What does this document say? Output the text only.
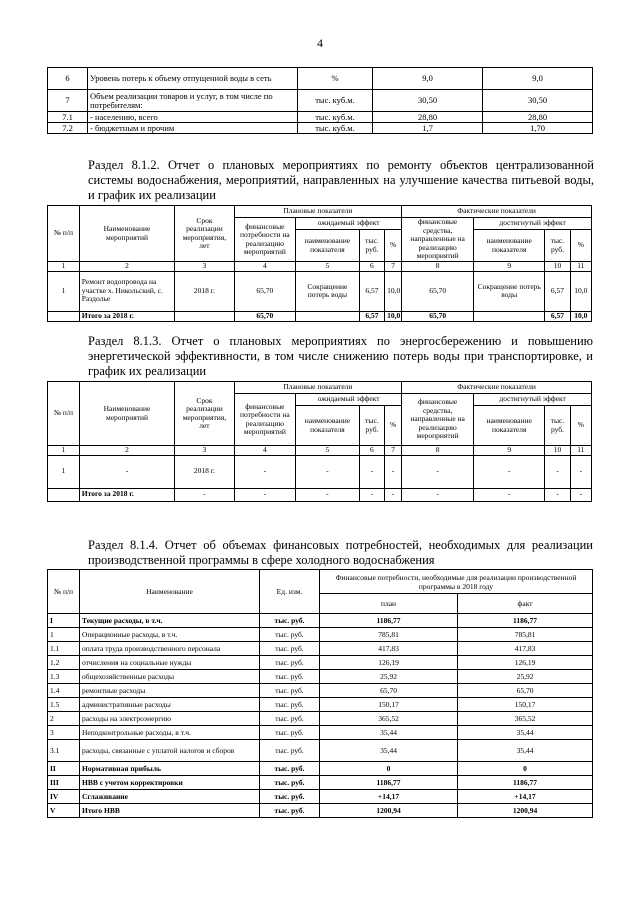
4
6	Уровень потерь к объему отпущенной воды в сеть	%	9,0	9,0
7	Объем реализации товаров и услуг, в том числе по потребителям:	тыс. куб.м.	30,50	30,50
7.1	- населению, всего	тыс. куб.м.	28,80	28,80
7.2	- бюджетным и прочим	тыс. куб.м.	1,7	1,70
Раздел 8.1.2. Отчет о плановых мероприятиях по ремонту объектов централизованной системы водоснабжения, мероприятий, направленных на улучшение качества питьевой воды, и график их реализации
№ п/п	Наименование мероприятий	Срок реализации мероприятия, лет	Плановые показатели				Фактические показатели			
			финансовые потребности на реализацию мероприятий	ожидаемый эффект			финансовые средства, направленные на реализацию мероприятий	достигнутый эффект		
				наименование показателя	тыс. руб.	%		наименование показателя	тыс. руб.	%
1	2	3	4	5	6	7	8	9	10	11
1	Ремонт водопровода на участке х. Никольский, с. Раздолье	2018 г.	65,70	Сокращение потерь воды	6,57	10,0	65,70	Сокращение потерь воды	6,57	10,0
	Итого за 2018 г.		65,70		6,57	10,0	65,70		6,57	10,0
Раздел 8.1.3. Отчет о плановых мероприятиях по энергосбережению и повышению энергетической эффективности, в том числе снижению потерь воды при транспортировке, и график их реализации
№ п/п	Наименование мероприятий	Срок реализации мероприятия, лет	Плановые показатели				Фактические показатели			
			финансовые потребности на реализацию мероприятий	ожидаемый эффект			финансовые средства, направленные на реализацию мероприятий	достигнутый эффект		
				наименование показателя	тыс. руб.	%		наименование показателя	тыс. руб.	%
1	2	3	4	5	6	7	8	9	10	11
1	-	2018 г.	-	-	-	-	-	-	-	-
	Итого за 2018 г.	-	-	-	-	-	-	-	-	-
Раздел 8.1.4. Отчет об объемах финансовых потребностей, необходимых для реализации производственной программы в сфере холодного водоснабжения
№ п/п	Наименование	Ед. изм.	Финансовые потребности, необходимые для реализации производственной программы в 2018 году	
			план	факт
I	Текущие расходы, в т.ч.	тыс. руб.	1186,77	1186,77
1	Операционные расходы, в т.ч.	тыс. руб.	785,81	785,81
1.1	оплата труда производственного персонала	тыс. руб.	417,83	417,83
1.2	отчисления на социальные нужды	тыс. руб.	126,19	126,19
1.3	общехозяйственные расходы	тыс. руб.	25,92	25,92
1.4	ремонтные расходы	тыс. руб.	65,70	65,70
1.5	административные расходы	тыс. руб.	150,17	150,17
2	расходы на электроэнергию	тыс. руб.	365,52	365,52
3	Неподконтрольные расходы, в т.ч.	тыс. руб.	35,44	35,44
3.1	расходы, связанные с уплатой налогов и сборов	тыс. руб.	35,44	35,44
II	Нормативная прибыль	тыс. руб.	0	0
III	НВВ с учетом корректировки	тыс. руб.	1186,77	1186,77
IV	Сглаживание	тыс. руб.	+14,17	+14,17
V	Итого НВВ	тыс. руб.	1200,94	1200,94
